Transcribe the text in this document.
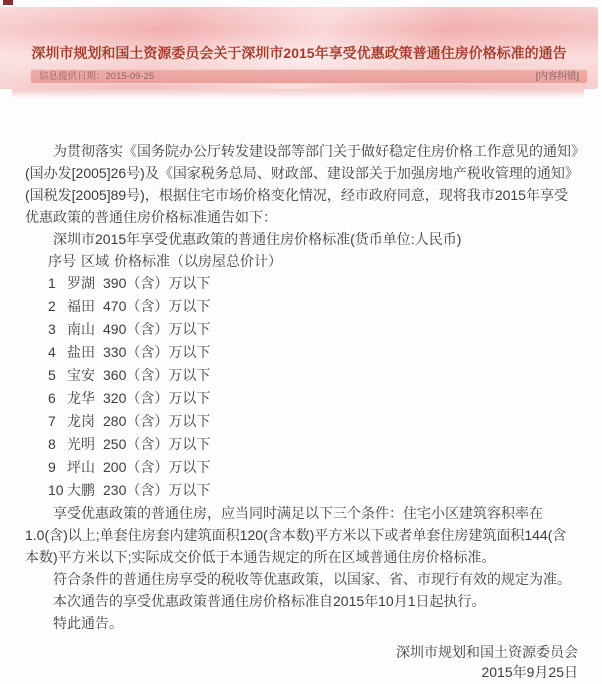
深圳市规划和国土资源委员会关于深圳市2015年享受优惠政策普通住房价格标准的通告
信息提供日期：2015-09-25	[内容纠错]

为贯彻落实《国务院办公厅转发建设部等部门关于做好稳定住房价格工作意见的通知》(国办发[2005]26号)及《国家税务总局、财政部、建设部关于加强房地产税收管理的通知》(国税发[2005]89号)，根据住宅市场价格变化情况，经市政府同意，现将我市2015年享受优惠政策的普通住房价格标准通告如下：

深圳市2015年享受优惠政策的普通住房价格标准(货币单位:人民币)

序号 区域 价格标准（以房屋总价计）
1 罗湖 390（含）万以下
2 福田 470（含）万以下
3 南山 490（含）万以下
4 盐田 330（含）万以下
5 宝安 360（含）万以下
6 龙华 320（含）万以下
7 龙岗 280（含）万以下
8 光明 250（含）万以下
9 坪山 200（含）万以下
10 大鹏 230（含）万以下

享受优惠政策的普通住房，应当同时满足以下三个条件：住宅小区建筑容积率在1.0(含)以上;单套住房套内建筑面积120(含本数)平方米以下或者单套住房建筑面积144(含本数)平方米以下;实际成交价低于本通告规定的所在区域普通住房价格标准。

符合条件的普通住房享受的税收等优惠政策，以国家、省、市现行有效的规定为准。

本次通告的享受优惠政策普通住房价格标准自2015年10月1日起执行。

特此通告。

深圳市规划和国土资源委员会
2015年9月25日
